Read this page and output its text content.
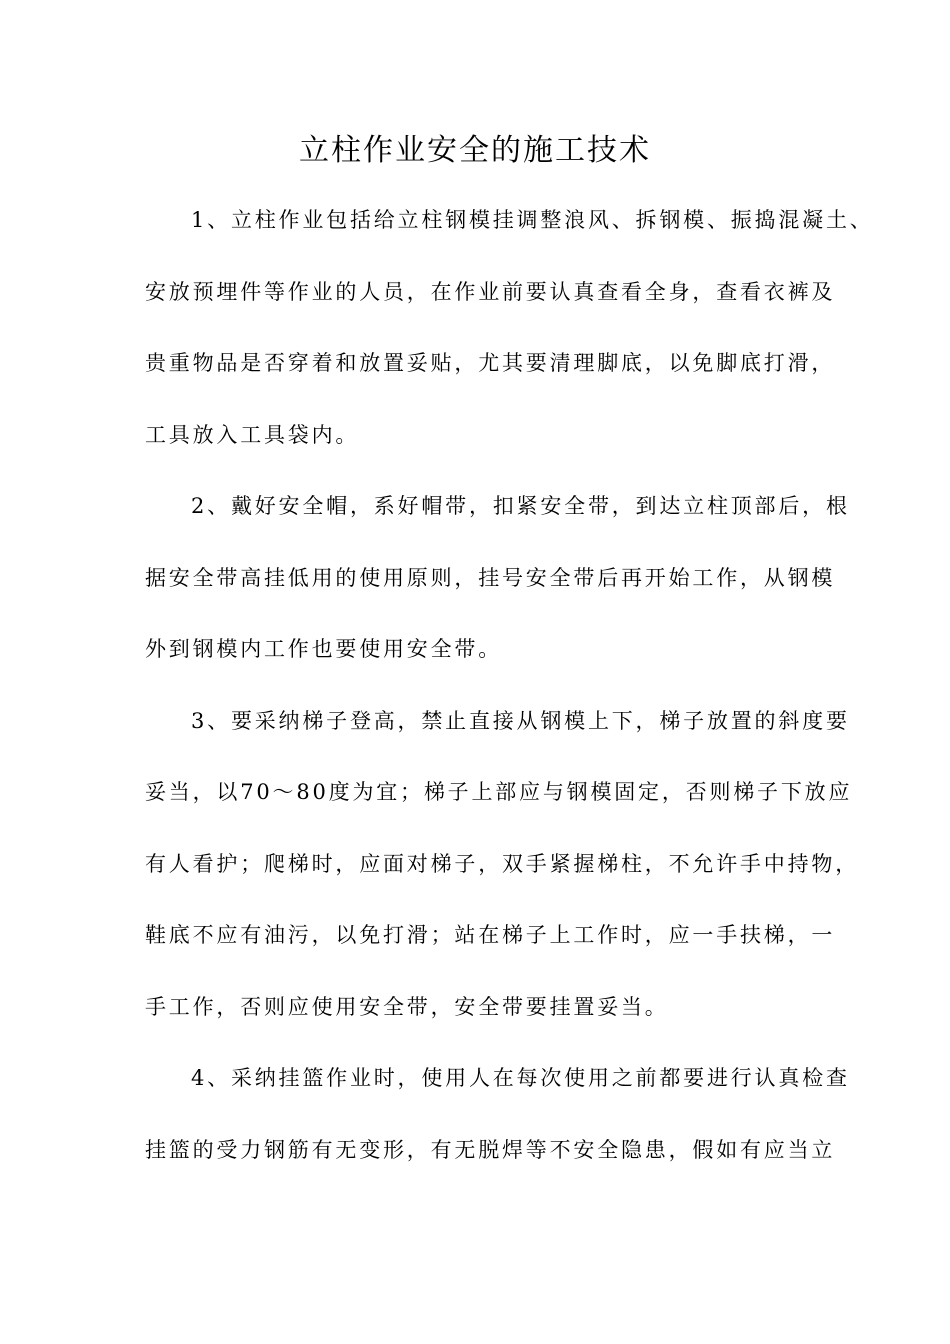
立柱作业安全的施工技术
1、立柱作业包括给立柱钢模挂调整浪风、拆钢模、振捣混凝土、
安放预埋件等作业的人员，在作业前要认真查看全身，查看衣裤及
贵重物品是否穿着和放置妥贴，尤其要清理脚底，以免脚底打滑，
工具放入工具袋内。
2、戴好安全帽，系好帽带，扣紧安全带，到达立柱顶部后，根
据安全带高挂低用的使用原则，挂号安全带后再开始工作，从钢模
外到钢模内工作也要使用安全带。
3、要采纳梯子登高，禁止直接从钢模上下，梯子放置的斜度要
妥当，以70～80度为宜；梯子上部应与钢模固定，否则梯子下放应
有人看护；爬梯时，应面对梯子，双手紧握梯柱，不允许手中持物，
鞋底不应有油污，以免打滑；站在梯子上工作时，应一手扶梯，一
手工作，否则应使用安全带，安全带要挂置妥当。
4、采纳挂篮作业时，使用人在每次使用之前都要进行认真检查
挂篮的受力钢筋有无变形，有无脱焊等不安全隐患，假如有应当立
